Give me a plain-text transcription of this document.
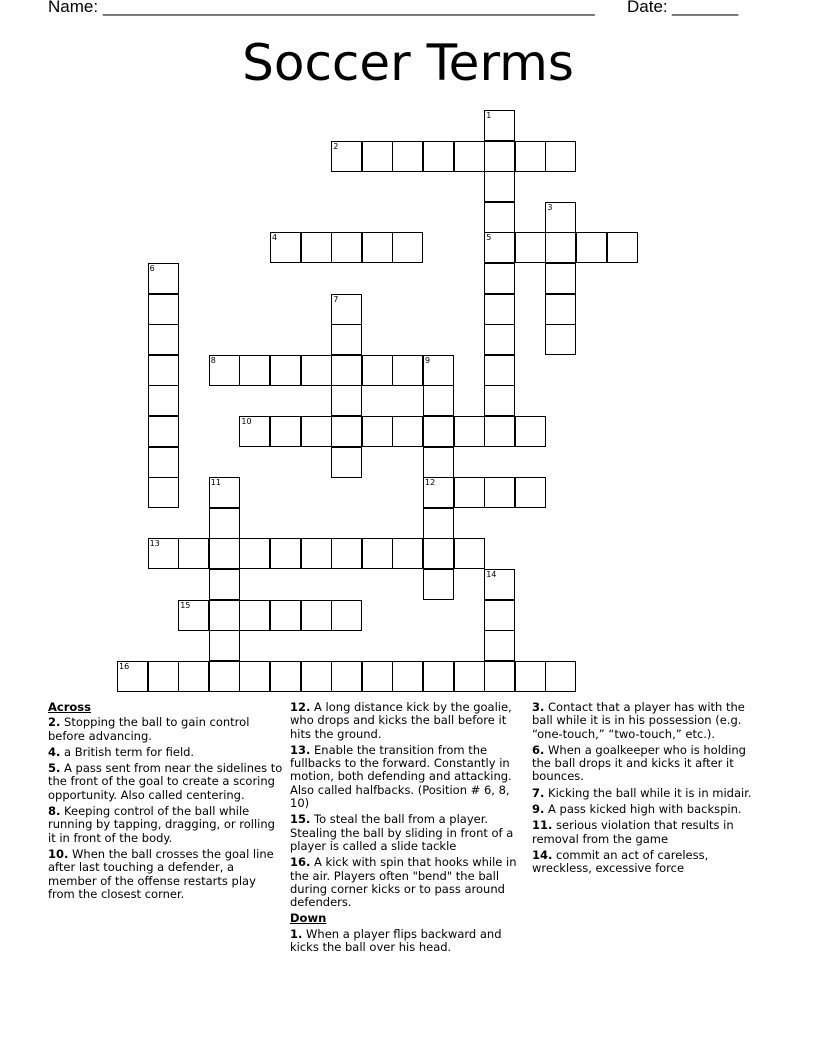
Name: ____________________________________________________ Date: _______
Soccer Terms
1
5
2
3
4
6
7
8	9
12
10
11
13
14
15
16
Across
2. Stopping the ball to gain control before advancing.
4. a British term for field.
5. A pass sent from near the sidelines to the front of the goal to create a scoring opportunity. Also called centering.
8. Keeping control of the ball while running by tapping, dragging, or rolling it in front of the body.
10. When the ball crosses the goal line after last touching a defender, a member of the offense restarts play from the closest corner.
12. A long distance kick by the goalie, who drops and kicks the ball before it hits the ground.
13. Enable the transition from the fullbacks to the forward. Constantly in motion, both defending and attacking. Also called halfbacks. (Position # 6, 8, 10)
15. To steal the ball from a player. Stealing the ball by sliding in front of a player is called a slide tackle
16. A kick with spin that hooks while in the air. Players often "bend" the ball during corner kicks or to pass around defenders.
Down
1. When a player flips backward and kicks the ball over his head.
3. Contact that a player has with the ball while it is in his possession (e.g. “one-touch,” “two-touch,” etc.).
6. When a goalkeeper who is holding the ball drops it and kicks it after it bounces.
7. Kicking the ball while it is in midair.
9. A pass kicked high with backspin.
11. serious violation that results in removal from the game
14. commit an act of careless, wreckless, excessive force
